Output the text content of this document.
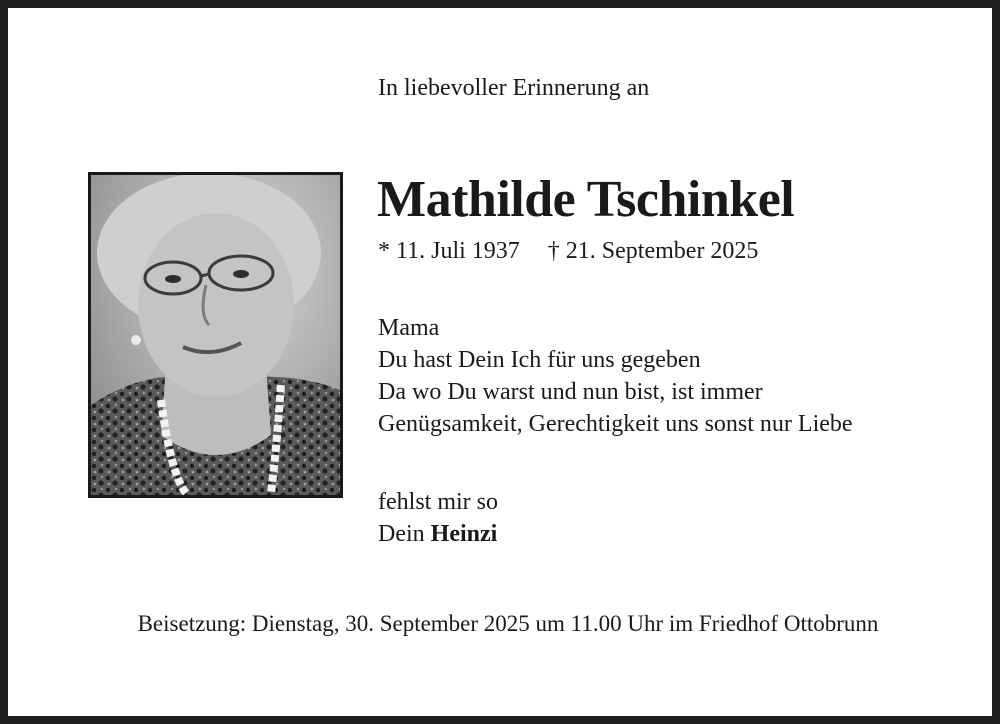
In liebevoller Erinnerung an
Mathilde Tschinkel
* 11. Juli 1937 † 21. September 2025
Mama
Du hast Dein Ich für uns gegeben
Da wo Du warst und nun bist, ist immer
Genügsamkeit, Gerechtigkeit uns sonst nur Liebe
fehlst mir so
Dein Heinzi
Beisetzung: Dienstag, 30. September 2025 um 11.00 Uhr im Friedhof Ottobrunn
